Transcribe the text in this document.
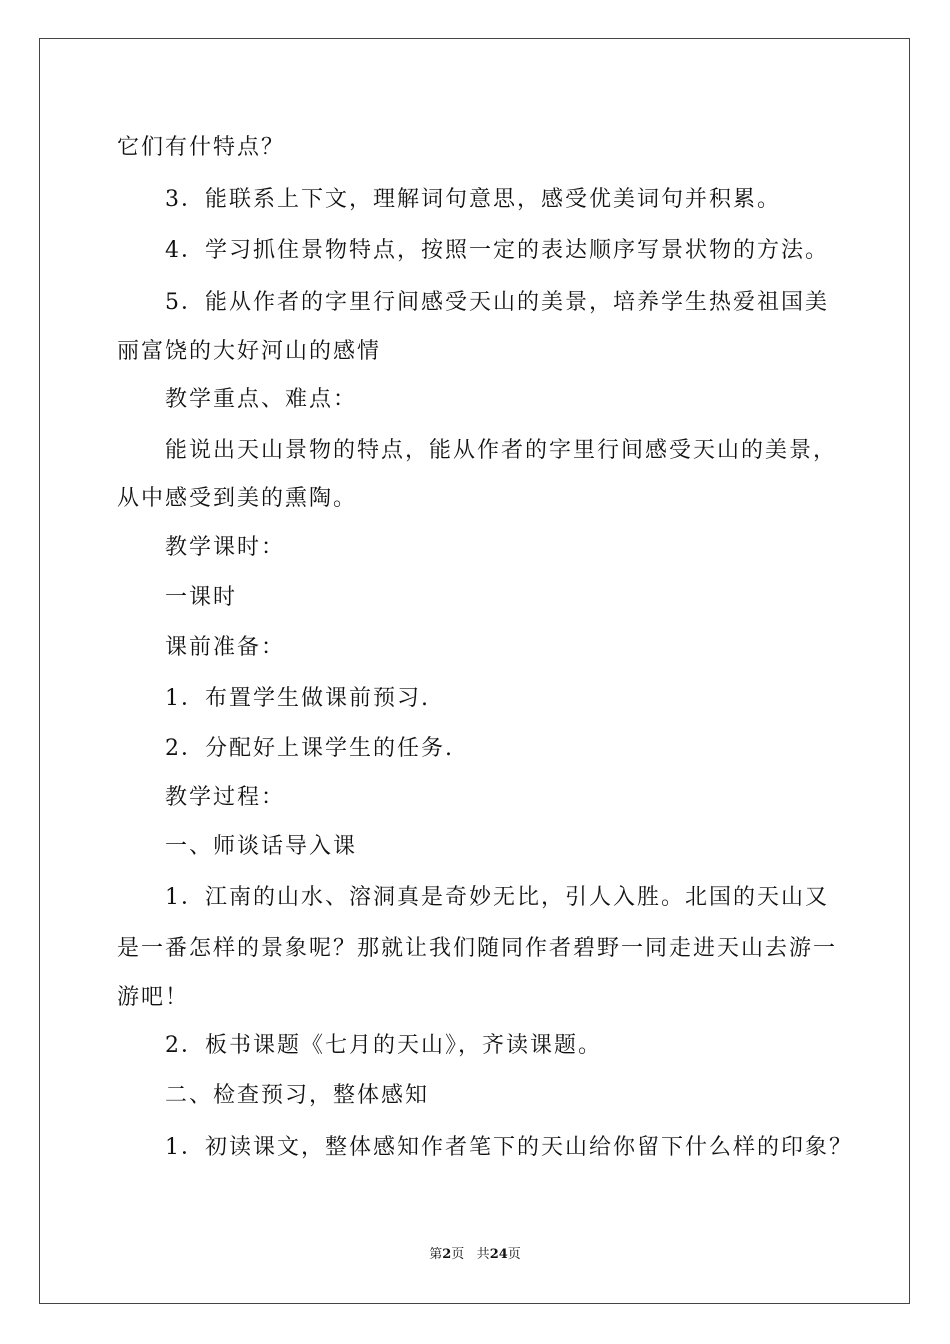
它们有什特点？
3．能联系上下文，理解词句意思，感受优美词句并积累。
4．学习抓住景物特点，按照一定的表达顺序写景状物的方法。
5．能从作者的字里行间感受天山的美景，培养学生热爱祖国美
丽富饶的大好河山的感情
教学重点、难点：
能说出天山景物的特点，能从作者的字里行间感受天山的美景，
从中感受到美的熏陶。
教学课时：
一课时
课前准备：
1．布置学生做课前预习.
2．分配好上课学生的任务.
教学过程：
一、师谈话导入课
1．江南的山水、溶洞真是奇妙无比，引人入胜。北国的天山又
是一番怎样的景象呢？那就让我们随同作者碧野一同走进天山去游一
游吧！
2．板书课题《七月的天山》，齐读课题。
二、检查预习，整体感知
1．初读课文，整体感知作者笔下的天山给你留下什么样的印象？
第2页 共24页
